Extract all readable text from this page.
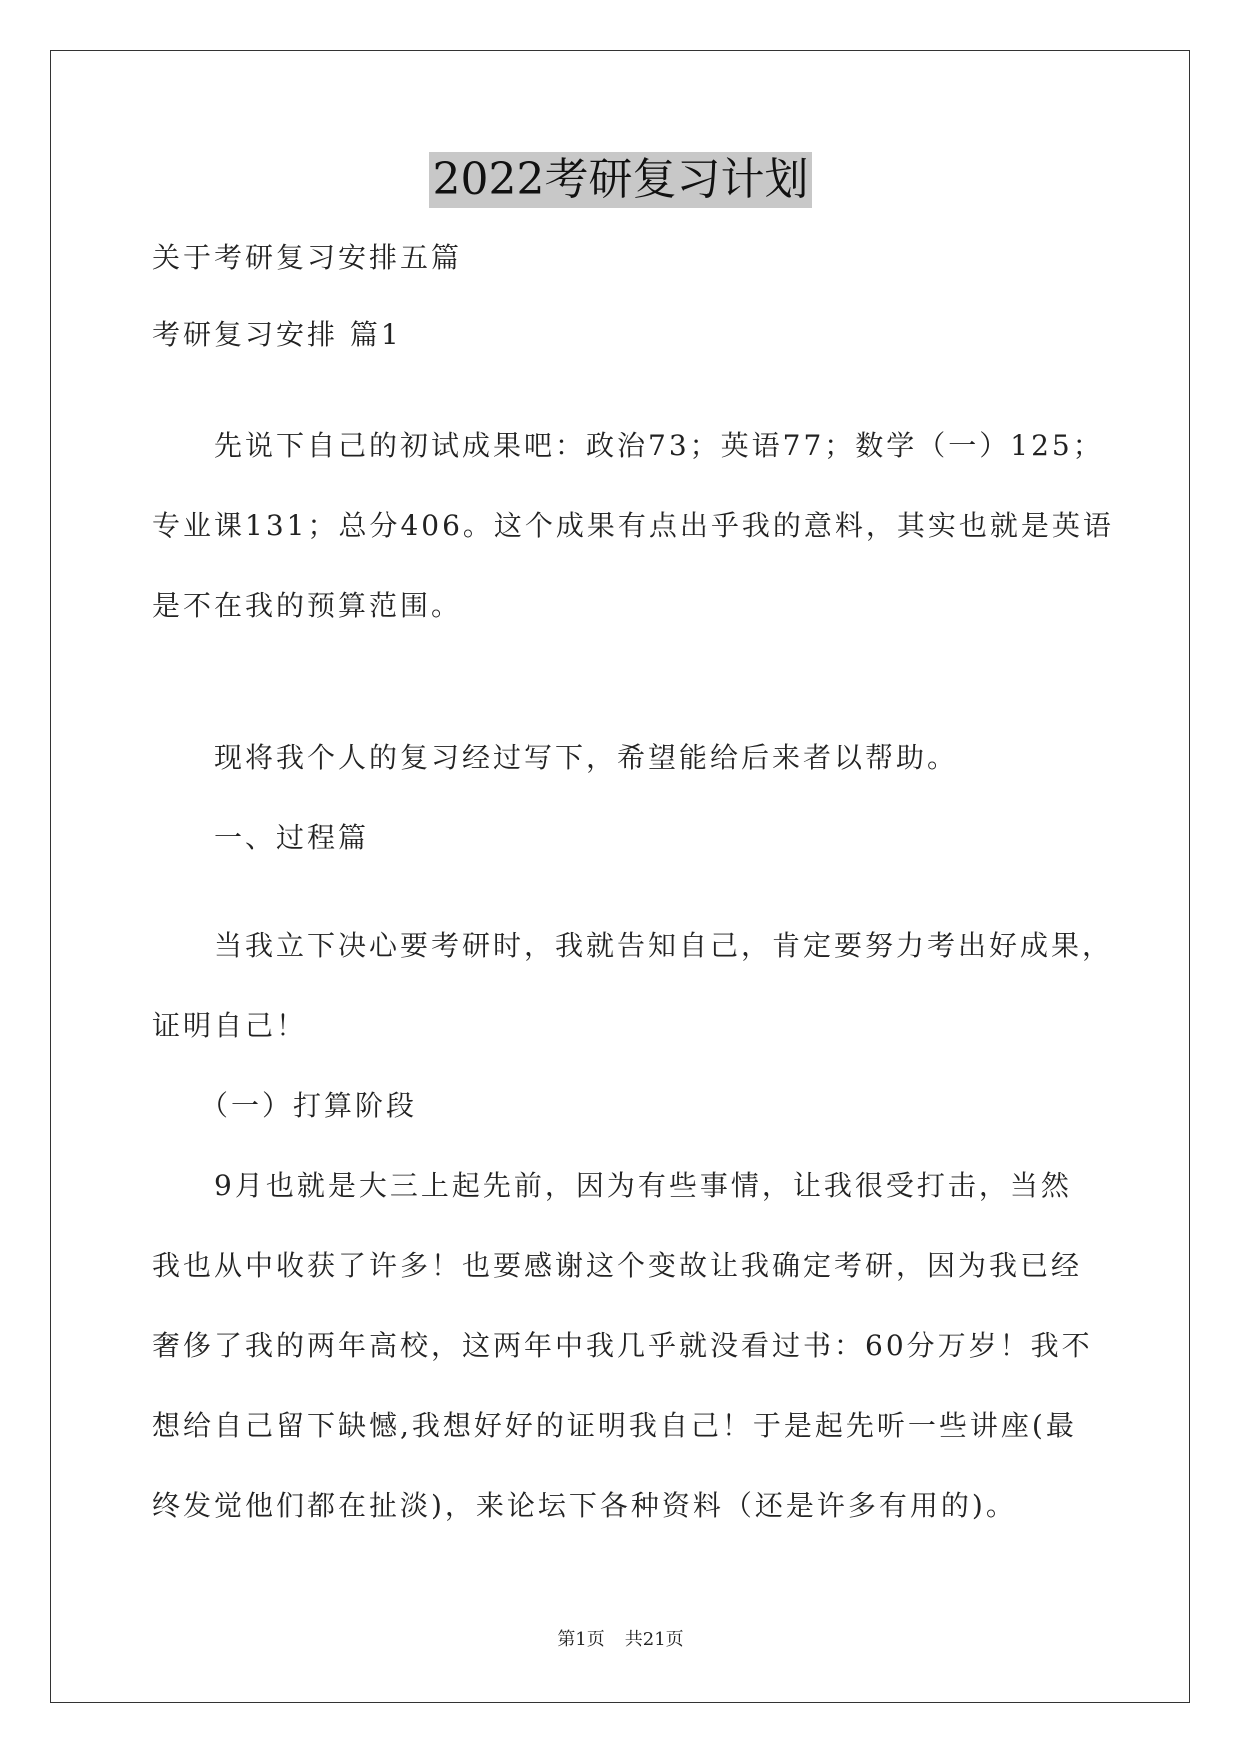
2022考研复习计划
关于考研复习安排五篇
考研复习安排 篇1
先说下自己的初试成果吧：政治73；英语77；数学（一）125；
专业课131；总分406。这个成果有点出乎我的意料，其实也就是英语
是不在我的预算范围。
现将我个人的复习经过写下，希望能给后来者以帮助。
一、过程篇
当我立下决心要考研时，我就告知自己，肯定要努力考出好成果，
证明自己！
（一）打算阶段
9月也就是大三上起先前，因为有些事情，让我很受打击，当然
我也从中收获了许多！也要感谢这个变故让我确定考研，因为我已经
奢侈了我的两年高校，这两年中我几乎就没看过书：60分万岁！我不
想给自己留下缺憾,我想好好的证明我自己！于是起先听一些讲座(最
终发觉他们都在扯淡)，来论坛下各种资料（还是许多有用的)。
第1页 共21页
